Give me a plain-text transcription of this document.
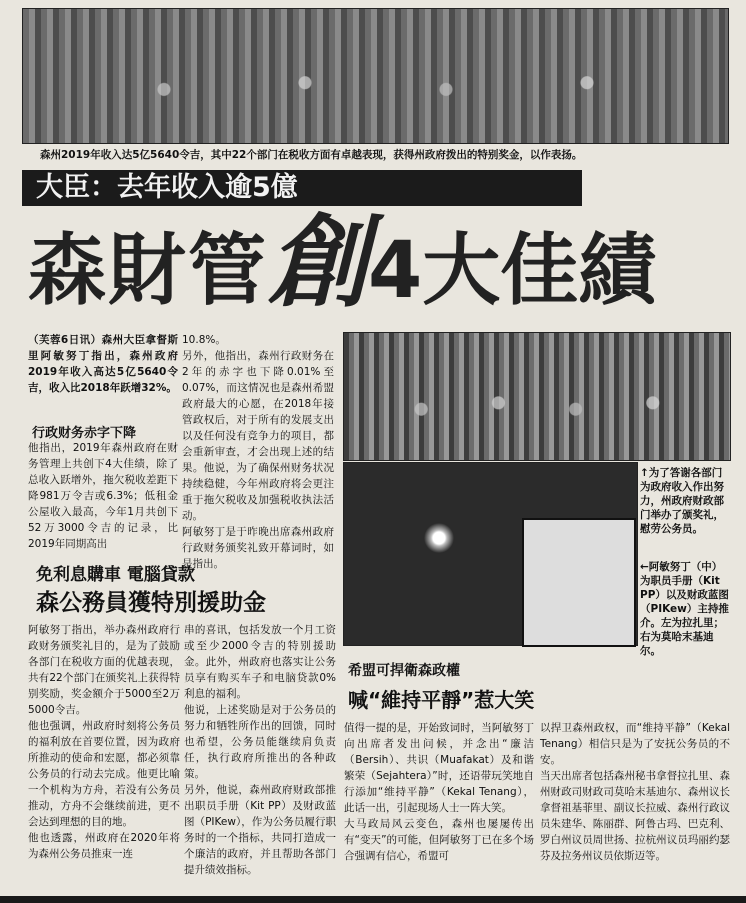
森州2019年收入达5亿5640令吉，其中22个部门在税收方面有卓越表现，获得州政府拨出的特别奖金，以作表扬。
大臣：去年收入逾5億
森財管創4大佳績
（芙蓉6日讯）森州大臣拿督斯里阿敏努丁指出，森州政府2019年收入高达5亿5640令吉，收入比2018年跃增32%。
行政财务赤字下降
他指出，2019年森州政府在财务管理上共创下4大佳绩，除了总收入跃增外，拖欠税收差距下降981万令吉或6.3%；低租金公屋收入最高，今年1月共创下52万3000令吉的记录，比2019年同期高出
10.8%。
另外，他指出，森州行政财务在2年的赤字也下降0.01%至0.07%，而这情况也是森州希盟政府最大的心愿，在2018年接管政权后，对于所有的发展支出以及任何没有竞争力的项目，都会重新审查，才会出现上述的结果。他说，为了确保州财务状况持续稳健，今年州政府将会更注重于拖欠税收及加强税收执法活动。
阿敏努丁是于昨晚出席森州政府行政财务颁奖礼致开幕词时，如是指出。
↑为了答谢各部门为政府收入作出努力，州政府财政部门举办了颁奖礼，慰劳公务员。
←阿敏努丁（中）为职员手册（Kit PP）以及财政蓝图（PIKew）主持推介。左为拉扎里；右为莫哈末基迪尔。
免利息購車 電腦貸款
森公務員獲特別援助金
阿敏努丁指出，举办森州政府行政财务颁奖礼目的，是为了鼓励各部门在税收方面的优越表现，共有22个部门在颁奖礼上获得特别奖励，奖金额介于5000至2万5000令吉。
他也强调，州政府时刻将公务员的福利放在首要位置，因为政府所推动的使命和宏愿，都必须靠公务员的行动去完成。他更比喻一个机构为方舟，若没有公务员推动，方舟不会继续前进，更不会达到理想的目的地。
他也透露，州政府在2020年将为森州公务员推束一连
串的喜讯，包括发放一个月工资或至少2000令吉的特别援助金。此外，州政府也落实让公务员享有购买车子和电脑贷款0%利息的福利。
他说，上述奖励是对于公务员的努力和牺牲所作出的回馈，同时也希望，公务员能继续肩负责任，执行政府所推出的各种政策。
另外，他说，森州政府财政部推出职员手册（Kit PP）及财政蓝图（PIKew），作为公务员履行职务时的一个指标，共同打造成一个廉洁的政府，并且帮助各部门提升绩效指标。
希盟可捍衛森政權
喊“維持平靜”惹大笑
值得一提的是，开始致词时，当阿敏努丁向出席者发出问候，并念出“廉洁（Bersih）、共识（Muafakat）及和谐繁荣（Sejahtera）”时，还语带玩笑地自行添加“维持平静”（Kekal Tenang），此话一出，引起现场人士一阵大笑。
大马政局风云变色，森州也屡屡传出有“变天”的可能，但阿敏努丁已在多个场合强调有信心，希盟可
以捍卫森州政权，而“维持平静”（Kekal Tenang）相信只是为了安抚公务员的不安。
当天出席者包括森州秘书拿督拉扎里、森州财政司财政司莫哈末基迪尔、森州议长拿督祖基菲里、副议长拉威、森州行政议员朱建华、陈丽群、阿鲁古玛、巴克利、罗白州议员周世扬、拉杭州议员玛丽约瑟芬及拉务州议员依斯迈等。
